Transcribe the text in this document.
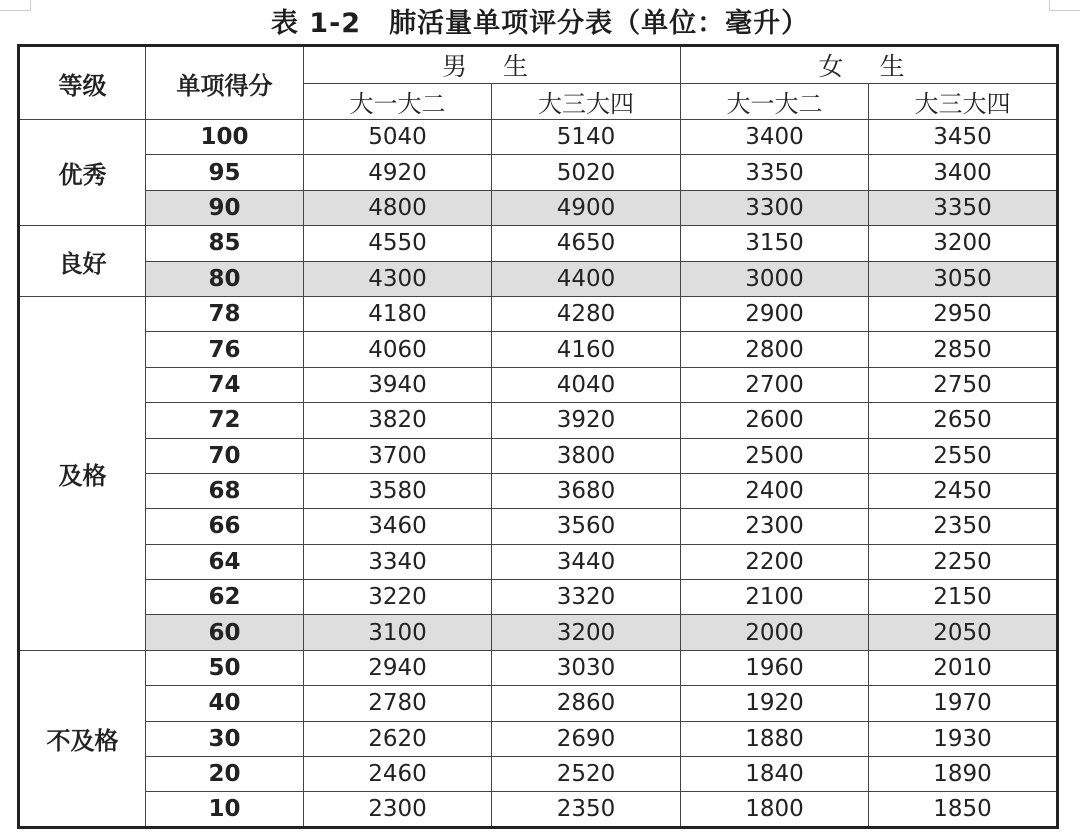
表 1-2　肺活量单项评分表（单位：毫升）
等级	单项得分	男 生		女 生	
		大一大二	大三大四	大一大二	大三大四
优秀	100	5040	5140	3400	3450
	95	4920	5020	3350	3400
	90	4800	4900	3300	3350
良好	85	4550	4650	3150	3200
	80	4300	4400	3000	3050
及格	78	4180	4280	2900	2950
	76	4060	4160	2800	2850
	74	3940	4040	2700	2750
	72	3820	3920	2600	2650
	70	3700	3800	2500	2550
	68	3580	3680	2400	2450
	66	3460	3560	2300	2350
	64	3340	3440	2200	2250
	62	3220	3320	2100	2150
	60	3100	3200	2000	2050
不及格	50	2940	3030	1960	2010
	40	2780	2860	1920	1970
	30	2620	2690	1880	1930
	20	2460	2520	1840	1890
	10	2300	2350	1800	1850
